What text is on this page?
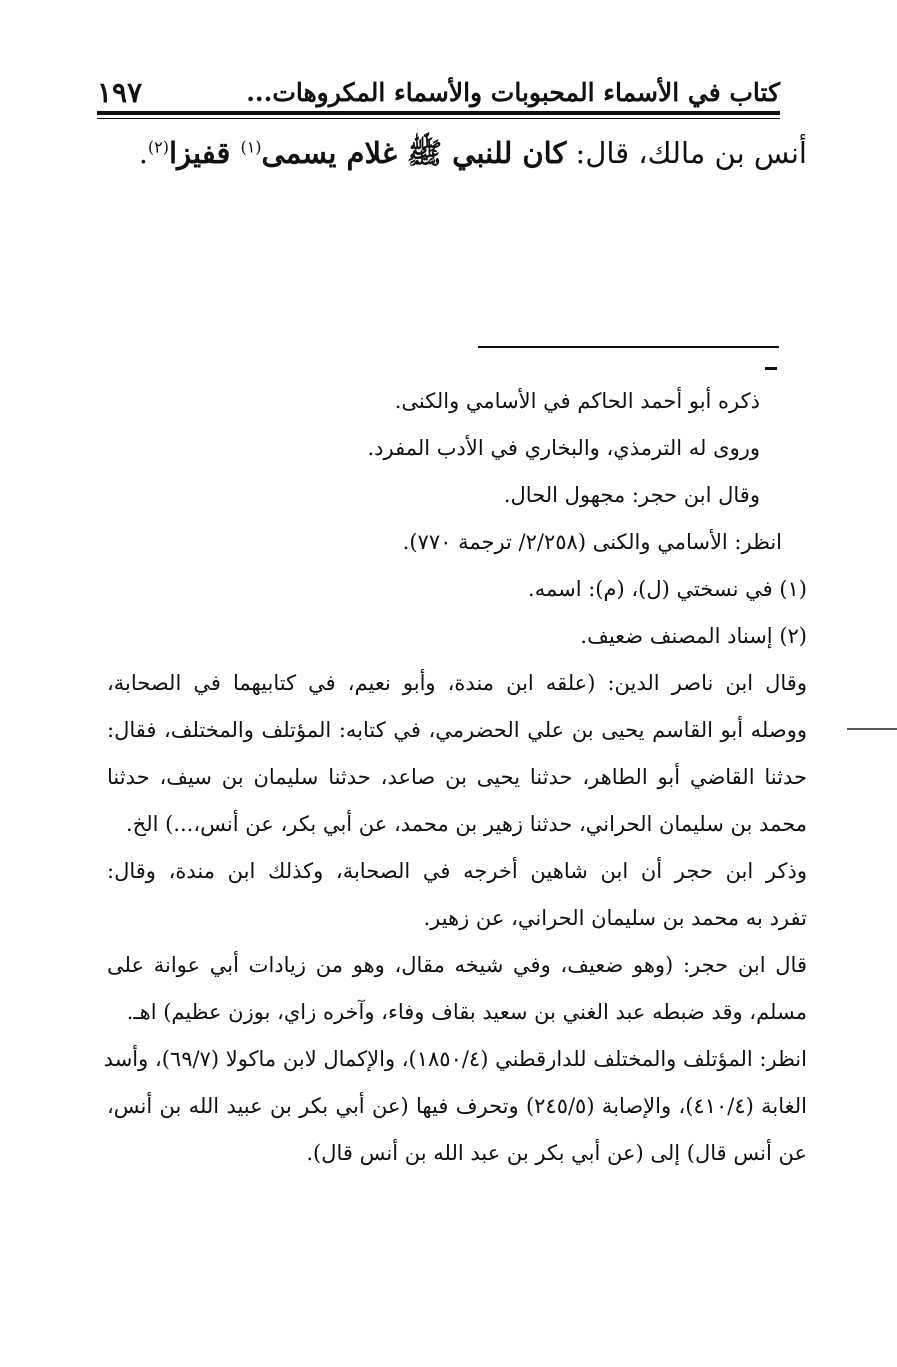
كتاب في الأسماء المحبوبات والأسماء المكروهات...
١٩٧
أنس بن مالك، قال: كان للنبي ﷺ غلام يسمى$^{(١)}$ قفيزا$^{(٢)}$.
ذكره أبو أحمد الحاكم في الأسامي والكنى.
وروى له الترمذي، والبخاري في الأدب المفرد.
وقال ابن حجر: مجهول الحال.
انظر: الأسامي والكنى (٢/٢٥٨/ ترجمة ٧٧٠).
(١) في نسختي (ل)، (م): اسمه.
(٢) إسناد المصنف ضعيف.
وقال ابن ناصر الدين: (علقه ابن مندة، وأبو نعيم، في كتابيهما في الصحابة،
ووصله أبو القاسم يحيى بن علي الحضرمي، في كتابه: المؤتلف والمختلف، فقال:
حدثنا القاضي أبو الطاهر، حدثنا يحيى بن صاعد، حدثنا سليمان بن سيف، حدثنا
محمد بن سليمان الحراني، حدثنا زهير بن محمد، عن أبي بكر، عن أنس،...) الخ.
وذكر ابن حجر أن ابن شاهين أخرجه في الصحابة، وكذلك ابن مندة، وقال:
تفرد به محمد بن سليمان الحراني، عن زهير.
قال ابن حجر: (وهو ضعيف، وفي شيخه مقال، وهو من زيادات أبي عوانة على
مسلم، وقد ضبطه عبد الغني بن سعيد بقاف وفاء، وآخره زاي، بوزن عظيم) اهـ.
انظر: المؤتلف والمختلف للدارقطني (١٨٥٠/٤)، والإكمال لابن ماكولا (٦٩/٧)، وأسد
الغابة (٤١٠/٤)، والإصابة (٢٤٥/٥) وتحرف فيها (عن أبي بكر بن عبيد الله بن أنس،
عن أنس قال) إلى (عن أبي بكر بن عبد الله بن أنس قال).
